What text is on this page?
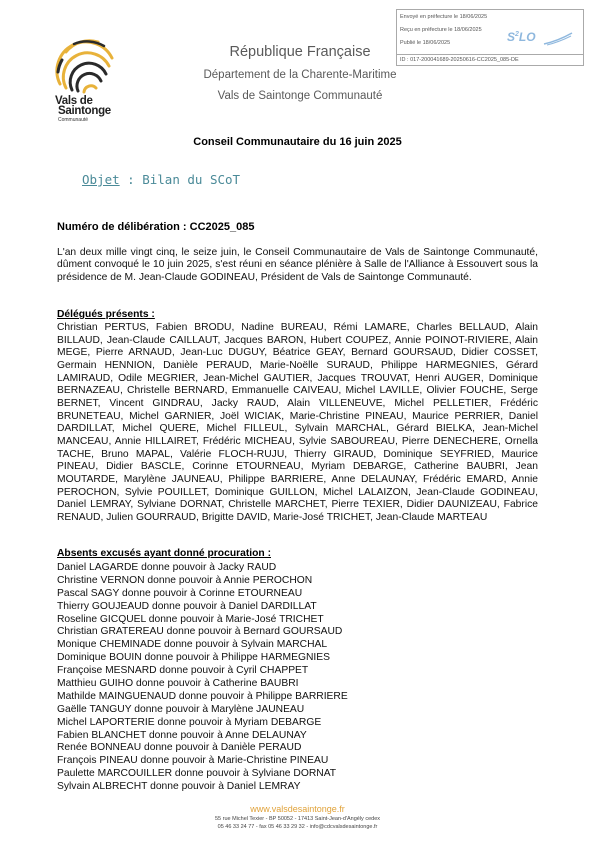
Vals de
Saintonge
Communauté
Envoyé en préfecture le 18/06/2025
Reçu en préfecture le 18/06/2025
Publié le 18/06/2025
ID : 017-200041689-20250616-CC2025_085-DE
$S^2LO$
République Française
Département de la Charente-Maritime
Vals de Saintonge Communauté
Conseil Communautaire du 16 juin 2025
Objet : Bilan du SCoT
Numéro de délibération : CC2025_085
L'an deux mille vingt cinq, le seize juin, le Conseil Communautaire de Vals de Saintonge Communauté, dûment convoqué le 10 juin 2025, s'est réuni en séance plénière à Salle de l'Alliance à Essouvert sous la présidence de M. Jean-Claude GODINEAU, Président de Vals de Saintonge Communauté.
Délégués présents :
Christian PERTUS, Fabien BRODU, Nadine BUREAU, Rémi LAMARE, Charles BELLAUD, Alain BILLAUD, Jean-Claude CAILLAUT, Jacques BARON, Hubert COUPEZ, Annie POINOT-RIVIERE, Alain MEGE, Pierre ARNAUD, Jean-Luc DUGUY, Béatrice GEAY, Bernard GOURSAUD, Didier COSSET, Germain HENNION, Danièle PERAUD, Marie-Noëlle SURAUD, Philippe HARMEGNIES, Gérard LAMIRAUD, Odile MEGRIER, Jean-Michel GAUTIER, Jacques TROUVAT, Henri AUGER, Dominique BERNAZEAU, Christelle BERNARD, Emmanuelle CAIVEAU, Michel LAVILLE, Olivier FOUCHE, Serge BERNET, Vincent GINDRAU, Jacky RAUD, Alain VILLENEUVE, Michel PELLETIER, Frédéric BRUNETEAU, Michel GARNIER, Joël WICIAK, Marie-Christine PINEAU, Maurice PERRIER, Daniel DARDILLAT, Michel QUERE, Michel FILLEUL, Sylvain MARCHAL, Gérard BIELKA, Jean-Michel MANCEAU, Annie HILLAIRET, Frédéric MICHEAU, Sylvie SABOUREAU, Pierre DENECHERE, Ornella TACHE, Bruno MAPAL, Valérie FLOCH-RUJU, Thierry GIRAUD, Dominique SEYFRIED, Maurice PINEAU, Didier BASCLE, Corinne ETOURNEAU, Myriam DEBARGE, Catherine BAUBRI, Jean MOUTARDE, Marylène JAUNEAU, Philippe BARRIERE, Anne DELAUNAY, Frédéric EMARD, Annie PEROCHON, Sylvie POUILLET, Dominique GUILLON, Michel LALAIZON, Jean-Claude GODINEAU, Daniel LEMRAY, Sylviane DORNAT, Christelle MARCHET, Pierre TEXIER, Didier DAUNIZEAU, Fabrice RENAUD, Julien GOURRAUD, Brigitte DAVID, Marie-José TRICHET, Jean-Claude MARTEAU
Absents excusés ayant donné procuration :
Daniel LAGARDE donne pouvoir à Jacky RAUD
Christine VERNON donne pouvoir à Annie PEROCHON
Pascal SAGY donne pouvoir à Corinne ETOURNEAU
Thierry GOUJEAUD donne pouvoir à Daniel DARDILLAT
Roseline GICQUEL donne pouvoir à Marie-José TRICHET
Christian GRATEREAU donne pouvoir à Bernard GOURSAUD
Monique CHEMINADE donne pouvoir à Sylvain MARCHAL
Dominique BOUIN donne pouvoir à Philippe HARMEGNIES
Françoise MESNARD donne pouvoir à Cyril CHAPPET
Matthieu GUIHO donne pouvoir à Catherine BAUBRI
Mathilde MAINGUENAUD donne pouvoir à Philippe BARRIERE
Gaëlle TANGUY donne pouvoir à Marylène JAUNEAU
Michel LAPORTERIE donne pouvoir à Myriam DEBARGE
Fabien BLANCHET donne pouvoir à Anne DELAUNAY
Renée BONNEAU donne pouvoir à Danièle PERAUD
François PINEAU donne pouvoir à Marie-Christine PINEAU
Paulette MARCOUILLER donne pouvoir à Sylviane DORNAT
Sylvain ALBRECHT donne pouvoir à Daniel LEMRAY
www.valsdesaintonge.fr
55 rue Michel Texier - BP 50052 - 17413 Saint-Jean-d'Angély cedex
05 46 33 24 77 - fax 05 46 33 29 32 - info@cdcvalsdesaintonge.fr
